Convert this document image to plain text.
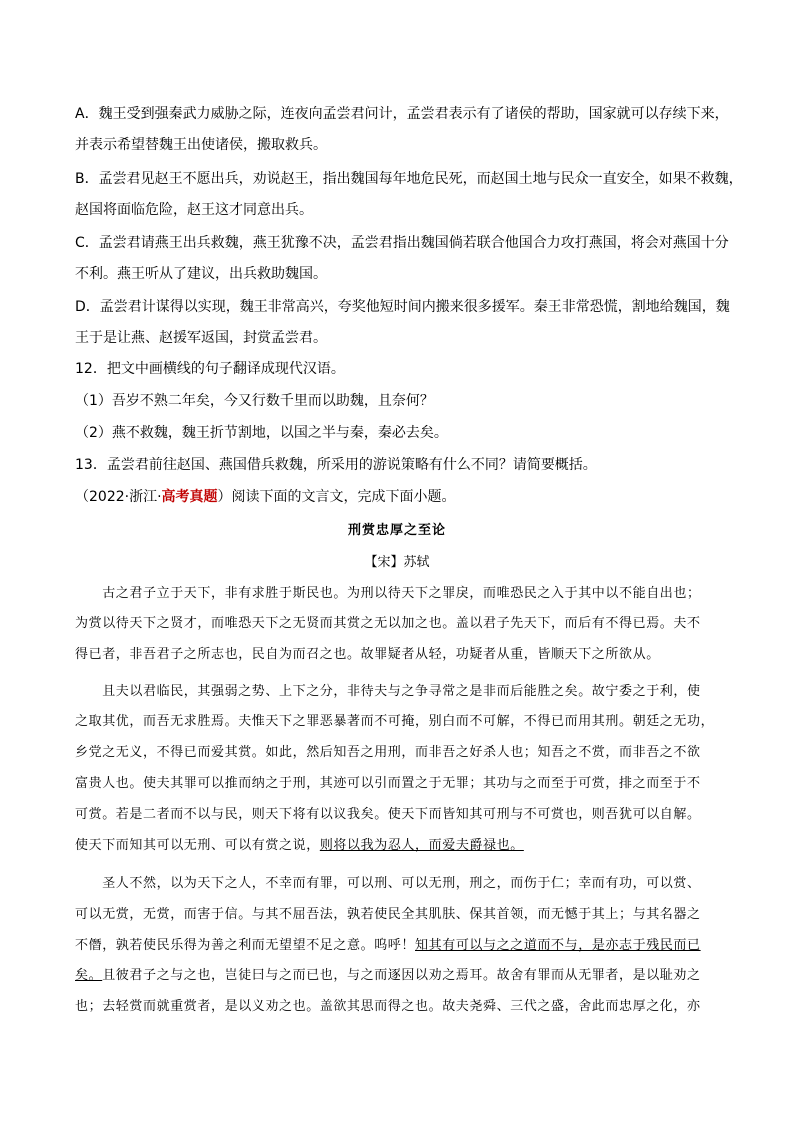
A．魏王受到强秦武力威胁之际，连夜向孟尝君问计，孟尝君表示有了诸侯的帮助，国家就可以存续下来，
并表示希望替魏王出使诸侯，搬取救兵。
B．孟尝君见赵王不愿出兵，劝说赵王，指出魏国每年地危民死，而赵国土地与民众一直安全，如果不救魏，
赵国将面临危险，赵王这才同意出兵。
C．孟尝君请燕王出兵救魏，燕王犹豫不决，孟尝君指出魏国倘若联合他国合力攻打燕国，将会对燕国十分
不利。燕王听从了建议，出兵救助魏国。
D．孟尝君计谋得以实现，魏王非常高兴，夸奖他短时间内搬来很多援军。秦王非常恐慌，割地给魏国，魏
王于是让燕、赵援军返国，封赏孟尝君。
12．把文中画横线的句子翻译成现代汉语。
（1）吾岁不熟二年矣，今又行数千里而以助魏，且奈何？
（2）燕不救魏，魏王折节割地，以国之半与秦，秦必去矣。
13．孟尝君前往赵国、燕国借兵救魏，所采用的游说策略有什么不同？请简要概括。
（2022·浙江·高考真题）阅读下面的文言文，完成下面小题。
刑赏忠厚之至论
【宋】苏轼
　　古之君子立于天下，非有求胜于斯民也。为刑以待天下之罪戾，而唯恐民之入于其中以不能自出也；
为赏以待天下之贤才，而唯恐天下之无贤而其赏之无以加之也。盖以君子先天下，而后有不得已焉。夫不
得已者，非吾君子之所志也，民自为而召之也。故罪疑者从轻，功疑者从重，皆顺天下之所欲从。
　　且夫以君临民，其强弱之势、上下之分，非待夫与之争寻常之是非而后能胜之矣。故宁委之于利，使
之取其优，而吾无求胜焉。夫惟天下之罪恶暴著而不可掩，别白而不可解，不得已而用其刑。朝廷之无功，
乡党之无义，不得已而爱其赏。如此，然后知吾之用刑，而非吾之好杀人也；知吾之不赏，而非吾之不欲
富贵人也。使夫其罪可以推而纳之于刑，其迹可以引而置之于无罪；其功与之而至于可赏，排之而至于不
可赏。若是二者而不以与民，则天下将有以议我矣。使天下而皆知其可刑与不可赏也，则吾犹可以自解。
使天下而知其可以无刑、可以有赏之说，则将以我为忍人，而爱夫爵禄也。
　　圣人不然，以为天下之人，不幸而有罪，可以刑、可以无刑，刑之，而伤于仁；幸而有功，可以赏、
可以无赏，无赏，而害于信。与其不屈吾法，孰若使民全其肌肤、保其首领，而无憾于其上；与其名器之
不僭，孰若使民乐得为善之利而无望望不足之意。呜呼！知其有可以与之之道而不与，是亦志于残民而已
矣。且彼君子之与之也，岂徒曰与之而已也，与之而逐因以劝之焉耳。故舍有罪而从无罪者，是以耻劝之
也；去轻赏而就重赏者，是以义劝之也。盖欲其思而得之也。故夫尧舜、三代之盛，舍此而忠厚之化，亦
